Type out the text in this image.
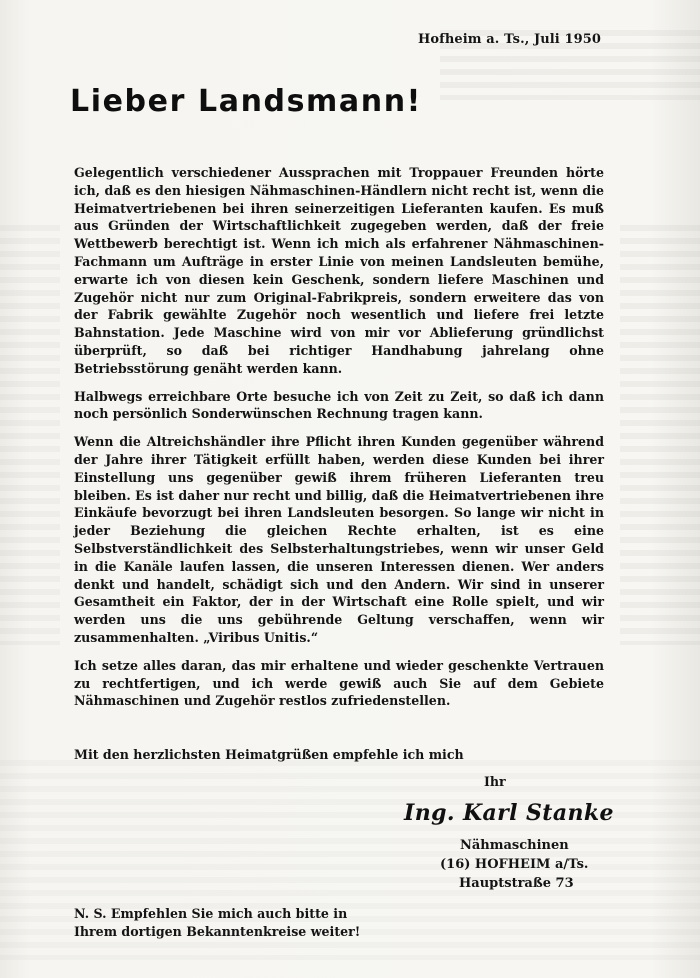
Hofheim a. Ts., Juli 1950
Lieber Landsmann!

Gelegentlich verschiedener Aussprachen mit Troppauer Freunden hörte ich, daß es den hiesigen Nähmaschinen-Händlern nicht recht ist, wenn die Heimatvertriebenen bei ihren seinerzeitigen Lieferanten kaufen. Es muß aus Gründen der Wirtschaftlichkeit zugegeben werden, daß der freie Wettbewerb berechtigt ist. Wenn ich mich als erfahrener Nähmaschinen-Fachmann um Aufträge in erster Linie von meinen Landsleuten bemühe, erwarte ich von diesen kein Geschenk, sondern liefere Maschinen und Zugehör nicht nur zum Original-Fabrikpreis, sondern erweitere das von der Fabrik gewählte Zugehör noch wesentlich und liefere frei letzte Bahnstation. Jede Maschine wird von mir vor Ablieferung gründlichst überprüft, so daß bei richtiger Handhabung jahrelang ohne Betriebsstörung genäht werden kann.

Halbwegs erreichbare Orte besuche ich von Zeit zu Zeit, so daß ich dann noch persönlich Sonderwünschen Rechnung tragen kann.

Wenn die Altreichshändler ihre Pflicht ihren Kunden gegenüber während der Jahre ihrer Tätigkeit erfüllt haben, werden diese Kunden bei ihrer Einstellung uns gegenüber gewiß ihrem früheren Lieferanten treu bleiben. Es ist daher nur recht und billig, daß die Heimatvertriebenen ihre Einkäufe bevorzugt bei ihren Landsleuten besorgen. So lange wir nicht in jeder Beziehung die gleichen Rechte erhalten, ist es eine Selbstverständlichkeit des Selbsterhaltungstriebes, wenn wir unser Geld in die Kanäle laufen lassen, die unseren Interessen dienen. Wer anders denkt und handelt, schädigt sich und den Andern. Wir sind in unserer Gesamtheit ein Faktor, der in der Wirtschaft eine Rolle spielt, und wir werden uns die uns gebührende Geltung verschaffen, wenn wir zusammenhalten. „Viribus Unitis.“

Ich setze alles daran, das mir erhaltene und wieder geschenkte Vertrauen zu rechtfertigen, und ich werde gewiß auch Sie auf dem Gebiete Nähmaschinen und Zugehör restlos zufriedenstellen.

Mit den herzlichsten Heimatgrüßen empfehle ich mich
Ihr
Ing. Karl Stanke
Nähmaschinen
(16) HOFHEIM a/Ts.
Hauptstraße 73
N. S. Empfehlen Sie mich auch bitte in
Ihrem dortigen Bekanntenkreise weiter!
